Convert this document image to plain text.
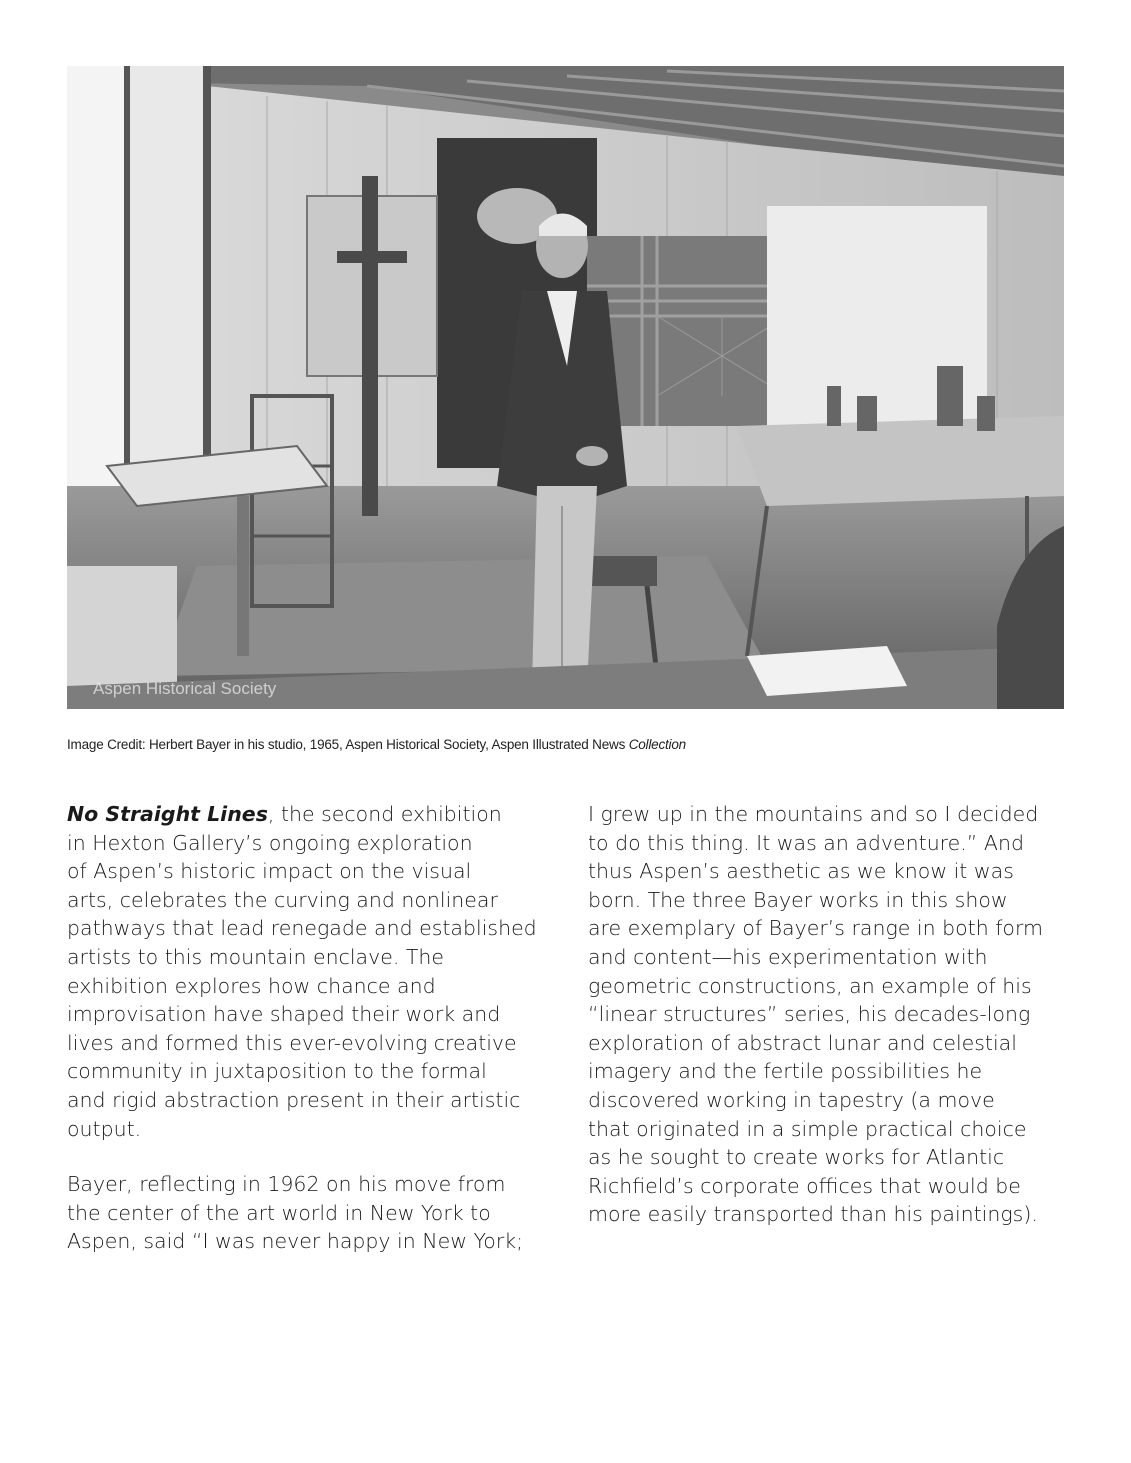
Aspen Historical Society
Image Credit: Herbert Bayer in his studio, 1965, Aspen Historical Society, Aspen Illustrated News Collection

No Straight Lines, the second exhibition
in Hexton Gallery’s ongoing exploration
of Aspen’s historic impact on the visual
arts, celebrates the curving and nonlinear
pathways that lead renegade and established
artists to this mountain enclave. The
exhibition explores how chance and
improvisation have shaped their work and
lives and formed this ever-evolving creative
community in juxtaposition to the formal
and rigid abstraction present in their artistic
output.

Bayer, reflecting in 1962 on his move from
the center of the art world in New York to
Aspen, said “I was never happy in New York;

I grew up in the mountains and so I decided
to do this thing. It was an adventure.” And
thus Aspen’s aesthetic as we know it was
born. The three Bayer works in this show
are exemplary of Bayer’s range in both form
and content—his experimentation with
geometric constructions, an example of his
“linear structures” series, his decades-long
exploration of abstract lunar and celestial
imagery and the fertile possibilities he
discovered working in tapestry (a move
that originated in a simple practical choice
as he sought to create works for Atlantic
Richfield’s corporate offices that would be
more easily transported than his paintings).
